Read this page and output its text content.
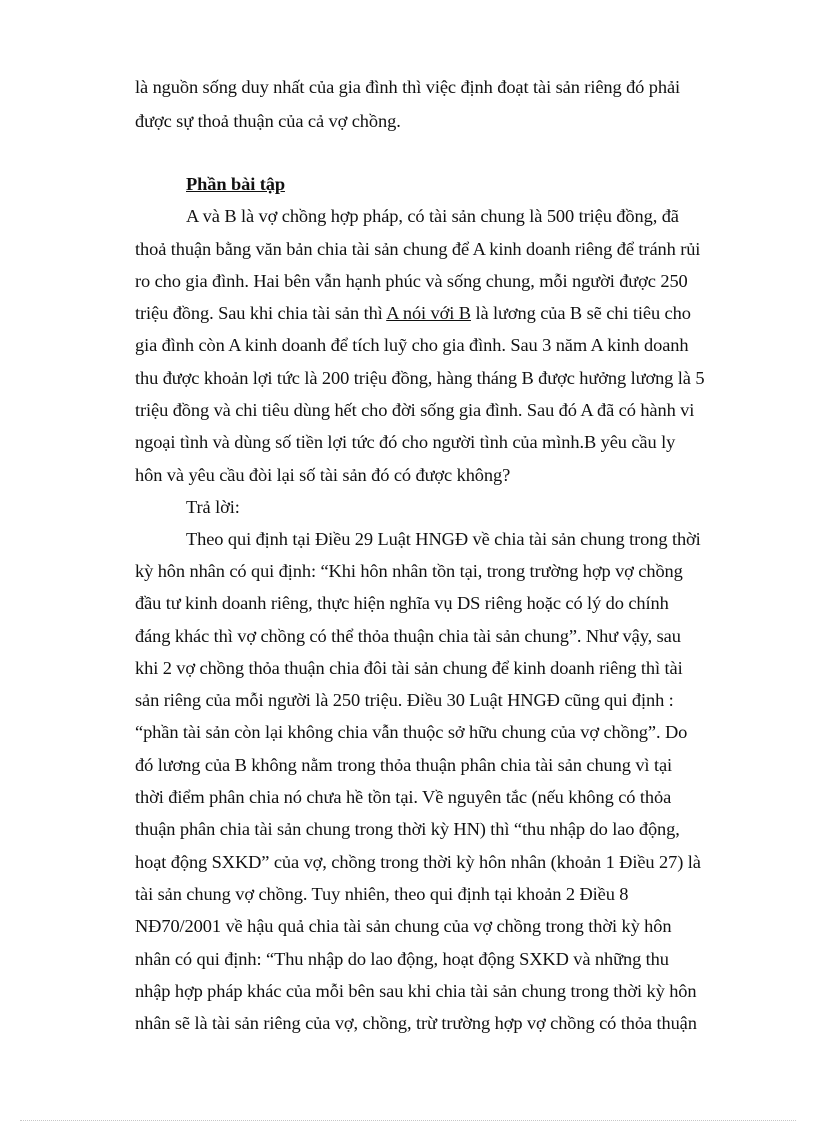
là nguồn sống duy nhất của gia đình thì việc định đoạt tài sản riêng đó phải
được sự thoả thuận của cả vợ chồng.
Phần bài tập
A và B là vợ chồng hợp pháp, có tài sản chung là 500 triệu đồng, đã
thoả thuận bằng văn bản chia tài sản chung để A kinh doanh riêng để tránh rủi
ro cho gia đình. Hai bên vẫn hạnh phúc và sống chung, mỗi người được 250
triệu đồng. Sau khi chia tài sản thì A nói với B là lương của B sẽ chi tiêu cho
gia đình còn A kinh doanh để tích luỹ cho gia đình. Sau 3 năm A kinh doanh
thu được khoản lợi tức là 200 triệu đồng, hàng tháng B được hưởng lương là 5
triệu đồng và chi tiêu dùng hết cho đời sống gia đình. Sau đó A đã có hành vi
ngoại tình và dùng số tiền lợi tức đó cho người tình của mình.B yêu cầu ly
hôn và yêu cầu đòi lại số tài sản đó có được không?
Trả lời:
Theo qui định tại Điều 29 Luật HNGĐ về chia tài sản chung trong thời
kỳ hôn nhân có qui định: “Khi hôn nhân tồn tại, trong trường hợp vợ chồng
đầu tư kinh doanh riêng, thực hiện nghĩa vụ DS riêng hoặc có lý do chính
đáng khác thì vợ chồng có thể thỏa thuận chia tài sản chung”. Như vậy, sau
khi 2 vợ chồng thỏa thuận chia đôi tài sản chung để kinh doanh riêng thì tài
sản riêng của mỗi người là 250 triệu. Điều 30 Luật HNGĐ cũng qui định :
“phần tài sản còn lại không chia vẫn thuộc sở hữu chung của vợ chồng”. Do
đó lương của B không nằm trong thỏa thuận phân chia tài sản chung vì tại
thời điểm phân chia nó chưa hề tồn tại. Về nguyên tắc (nếu không có thỏa
thuận phân chia tài sản chung trong thời kỳ HN) thì “thu nhập do lao động,
hoạt động SXKD” của vợ, chồng trong thời kỳ hôn nhân (khoản 1 Điều 27) là
tài sản chung vợ chồng. Tuy nhiên, theo qui định tại khoản 2 Điều 8
NĐ70/2001 về hậu quả chia tài sản chung của vợ chồng trong thời kỳ hôn
nhân có qui định: “Thu nhập do lao động, hoạt động SXKD và những thu
nhập hợp pháp khác của mỗi bên sau khi chia tài sản chung trong thời kỳ hôn
nhân sẽ là tài sản riêng của vợ, chồng, trừ trường hợp vợ chồng có thỏa thuận
